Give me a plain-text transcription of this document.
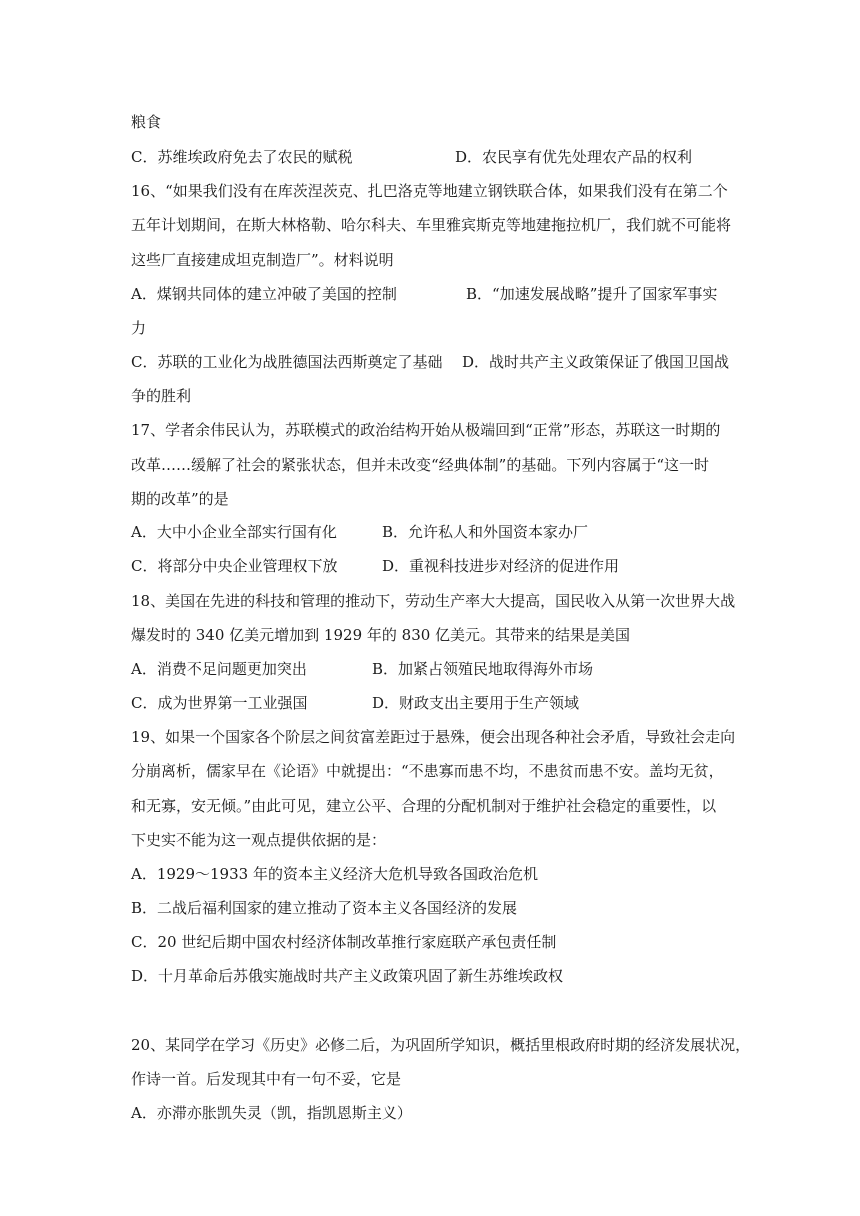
粮食
C．苏维埃政府免去了农民的赋税	D．农民享有优先处理农产品的权利
16、“如果我们没有在库茨涅茨克、扎巴洛克等地建立钢铁联合体，如果我们没有在第二个
五年计划期间，在斯大林格勒、哈尔科夫、车里雅宾斯克等地建拖拉机厂，我们就不可能将
这些厂直接建成坦克制造厂”。材料说明
A．煤钢共同体的建立冲破了美国的控制	B．“加速发展战略”提升了国家军事实
力
C．苏联的工业化为战胜德国法西斯奠定了基础 D．战时共产主义政策保证了俄国卫国战
争的胜利
17、学者余伟民认为，苏联模式的政治结构开始从极端回到“正常”形态，苏联这一时期的
改革……缓解了社会的紧张状态，但并未改变“经典体制”的基础。下列内容属于“这一时
期的改革”的是
A．大中小企业全部实行国有化	B．允许私人和外国资本家办厂
C．将部分中央企业管理权下放	D．重视科技进步对经济的促进作用
18、美国在先进的科技和管理的推动下，劳动生产率大大提高，国民收入从第一次世界大战
爆发时的 340 亿美元增加到 1929 年的 830 亿美元。其带来的结果是美国
A．消费不足问题更加突出	B．加紧占领殖民地取得海外市场
C．成为世界第一工业强国	D．财政支出主要用于生产领域
19、如果一个国家各个阶层之间贫富差距过于悬殊，便会出现各种社会矛盾，导致社会走向
分崩离析，儒家早在《论语》中就提出：“不患寡而患不均，不患贫而患不安。盖均无贫，
和无寡，安无倾。”由此可见，建立公平、合理的分配机制对于维护社会稳定的重要性，以
下史实不能为这一观点提供依据的是：
A．1929～1933 年的资本主义经济大危机导致各国政治危机
B．二战后福利国家的建立推动了资本主义各国经济的发展
C．20 世纪后期中国农村经济体制改革推行家庭联产承包责任制
D．十月革命后苏俄实施战时共产主义政策巩固了新生苏维埃政权
20、某同学在学习《历史》必修二后，为巩固所学知识，概括里根政府时期的经济发展状况，
作诗一首。后发现其中有一句不妥，它是
A．亦滞亦胀凯失灵（凯，指凯恩斯主义）
